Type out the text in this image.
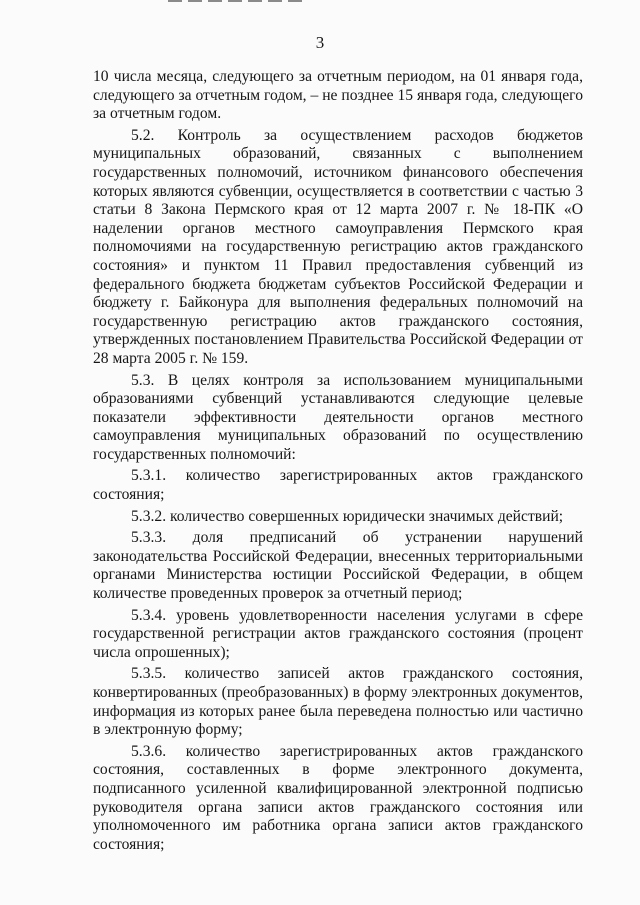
3

10 числа месяца, следующего за отчетным периодом, на 01 января года, следующего за отчетным годом, – не позднее 15 января года, следующего за отчетным годом.

5.2. Контроль за осуществлением расходов бюджетов муниципальных образований, связанных с выполнением государственных полномочий, источником финансового обеспечения которых являются субвенции, осуществляется в соответствии с частью 3 статьи 8 Закона Пермского края от 12 марта 2007 г. № 18-ПК «О наделении органов местного самоуправления Пермского края полномочиями на государственную регистрацию актов гражданского состояния» и пунктом 11 Правил предоставления субвенций из федерального бюджета бюджетам субъектов Российской Федерации и бюджету г. Байконура для выполнения федеральных полномочий на государственную регистрацию актов гражданского состояния, утвержденных постановлением Правительства Российской Федерации от 28 марта 2005 г. № 159.

5.3. В целях контроля за использованием муниципальными образованиями субвенций устанавливаются следующие целевые показатели эффективности деятельности органов местного самоуправления муниципальных образований по осуществлению государственных полномочий:

5.3.1. количество зарегистрированных актов гражданского состояния;

5.3.2. количество совершенных юридически значимых действий;

5.3.3. доля предписаний об устранении нарушений законодательства Российской Федерации, внесенных территориальными органами Министерства юстиции Российской Федерации, в общем количестве проведенных проверок за отчетный период;

5.3.4. уровень удовлетворенности населения услугами в сфере государственной регистрации актов гражданского состояния (процент числа опрошенных);

5.3.5. количество записей актов гражданского состояния, конвертированных (преобразованных) в форму электронных документов, информация из которых ранее была переведена полностью или частично в электронную форму;

5.3.6. количество зарегистрированных актов гражданского состояния, составленных в форме электронного документа, подписанного усиленной квалифицированной электронной подписью руководителя органа записи актов гражданского состояния или уполномоченного им работника органа записи актов гражданского состояния;
